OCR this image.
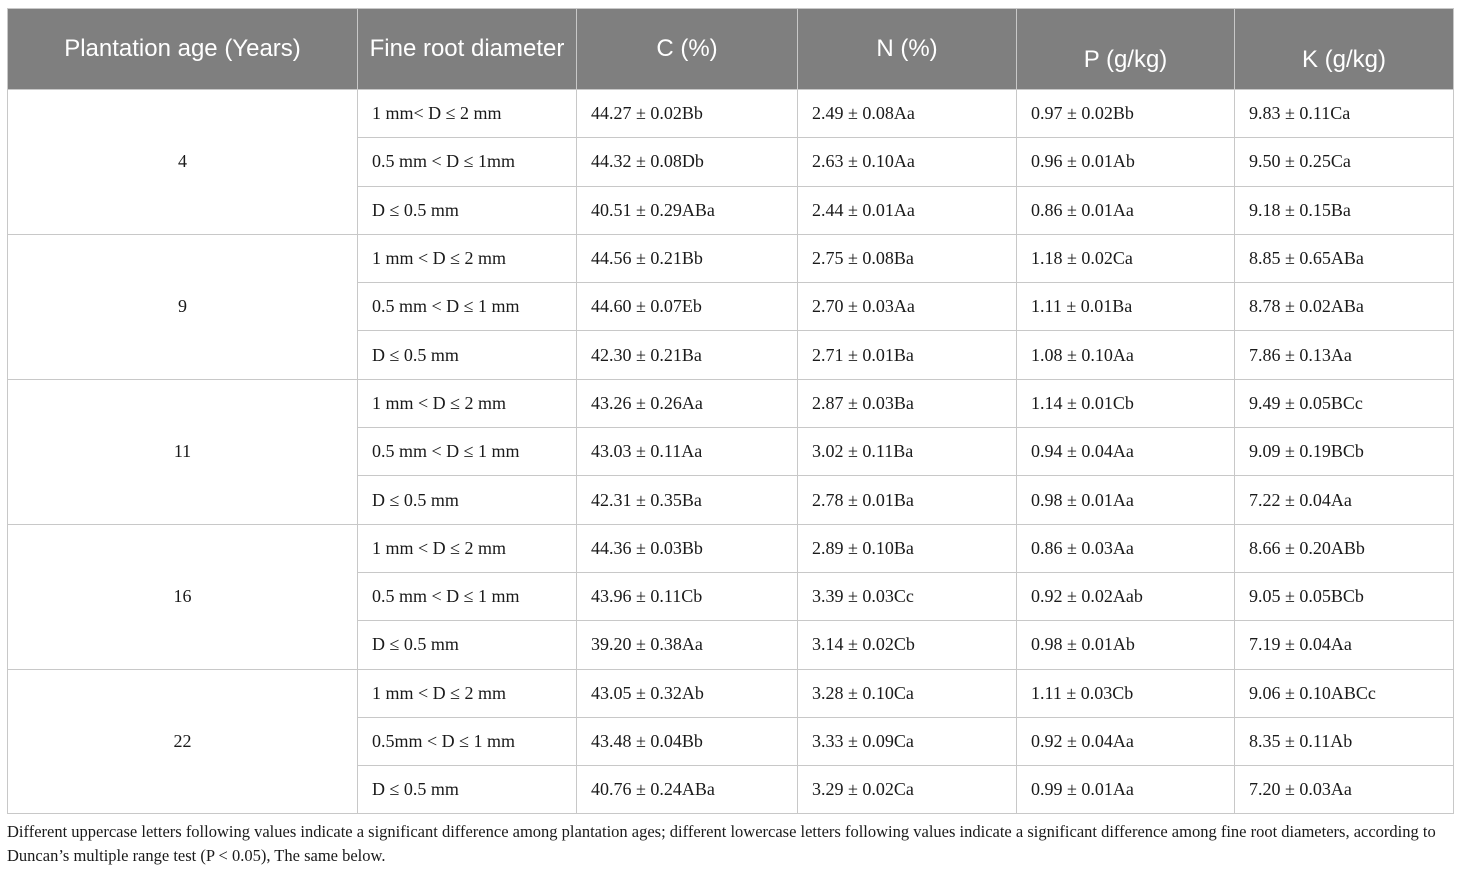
Plantation age (Years)	Fine root diameter	C (%)	N (%)	P (g/kg)	K (g/kg)
4	1 mm< D ≤ 2 mm	44.27 ± 0.02Bb	2.49 ± 0.08Aa	0.97 ± 0.02Bb	9.83 ± 0.11Ca
	0.5 mm < D ≤ 1mm	44.32 ± 0.08Db	2.63 ± 0.10Aa	0.96 ± 0.01Ab	9.50 ± 0.25Ca
	D ≤ 0.5 mm	40.51 ± 0.29ABa	2.44 ± 0.01Aa	0.86 ± 0.01Aa	9.18 ± 0.15Ba
9	1 mm < D ≤ 2 mm	44.56 ± 0.21Bb	2.75 ± 0.08Ba	1.18 ± 0.02Ca	8.85 ± 0.65ABa
	0.5 mm < D ≤ 1 mm	44.60 ± 0.07Eb	2.70 ± 0.03Aa	1.11 ± 0.01Ba	8.78 ± 0.02ABa
	D ≤ 0.5 mm	42.30 ± 0.21Ba	2.71 ± 0.01Ba	1.08 ± 0.10Aa	7.86 ± 0.13Aa
11	1 mm < D ≤ 2 mm	43.26 ± 0.26Aa	2.87 ± 0.03Ba	1.14 ± 0.01Cb	9.49 ± 0.05BCc
	0.5 mm < D ≤ 1 mm	43.03 ± 0.11Aa	3.02 ± 0.11Ba	0.94 ± 0.04Aa	9.09 ± 0.19BCb
	D ≤ 0.5 mm	42.31 ± 0.35Ba	2.78 ± 0.01Ba	0.98 ± 0.01Aa	7.22 ± 0.04Aa
16	1 mm < D ≤ 2 mm	44.36 ± 0.03Bb	2.89 ± 0.10Ba	0.86 ± 0.03Aa	8.66 ± 0.20ABb
	0.5 mm < D ≤ 1 mm	43.96 ± 0.11Cb	3.39 ± 0.03Cc	0.92 ± 0.02Aab	9.05 ± 0.05BCb
	D ≤ 0.5 mm	39.20 ± 0.38Aa	3.14 ± 0.02Cb	0.98 ± 0.01Ab	7.19 ± 0.04Aa
22	1 mm < D ≤ 2 mm	43.05 ± 0.32Ab	3.28 ± 0.10Ca	1.11 ± 0.03Cb	9.06 ± 0.10ABCc
	0.5mm < D ≤ 1 mm	43.48 ± 0.04Bb	3.33 ± 0.09Ca	0.92 ± 0.04Aa	8.35 ± 0.11Ab
	D ≤ 0.5 mm	40.76 ± 0.24ABa	3.29 ± 0.02Ca	0.99 ± 0.01Aa	7.20 ± 0.03Aa
Different uppercase letters following values indicate a significant difference among plantation ages; different lowercase letters following values indicate a significant difference among fine root diameters, according to Duncan’s multiple range test (P < 0.05), The same below.
